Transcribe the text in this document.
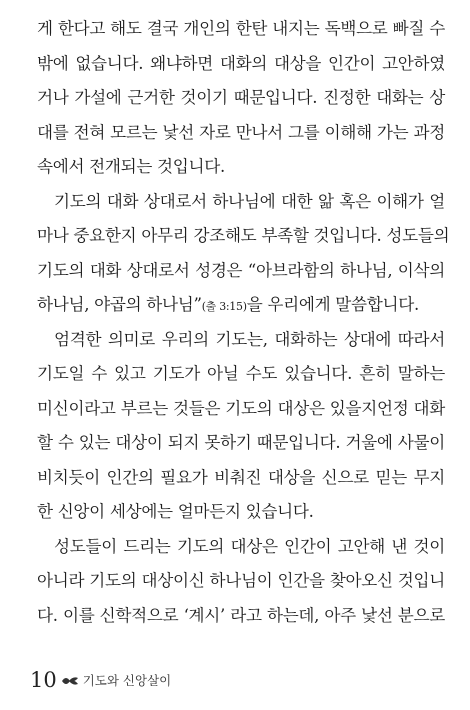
게 한다고 해도 결국 개인의 한탄 내지는 독백으로 빠질 수
밖에 없습니다. 왜냐하면 대화의 대상을 인간이 고안하였
거나 가설에 근거한 것이기 때문입니다. 진정한 대화는 상
대를 전혀 모르는 낯선 자로 만나서 그를 이해해 가는 과정
속에서 전개되는 것입니다.
기도의 대화 상대로서 하나님에 대한 앎 혹은 이해가 얼
마나 중요한지 아무리 강조해도 부족할 것입니다. 성도들의
기도의 대화 상대로서 성경은 “아브라함의 하나님, 이삭의
하나님, 야곱의 하나님”(출 3:15)을 우리에게 말씀합니다.
엄격한 의미로 우리의 기도는, 대화하는 상대에 따라서
기도일 수 있고 기도가 아닐 수도 있습니다. 흔히 말하는
미신이라고 부르는 것들은 기도의 대상은 있을지언정 대화
할 수 있는 대상이 되지 못하기 때문입니다. 거울에 사물이
비치듯이 인간의 필요가 비춰진 대상을 신으로 믿는 무지
한 신앙이 세상에는 얼마든지 있습니다.
성도들이 드리는 기도의 대상은 인간이 고안해 낸 것이
아니라 기도의 대상이신 하나님이 인간을 찾아오신 것입니
다. 이를 신학적으로 ‘계시’ 라고 하는데, 아주 낯선 분으로
10 기도와 신앙살이
